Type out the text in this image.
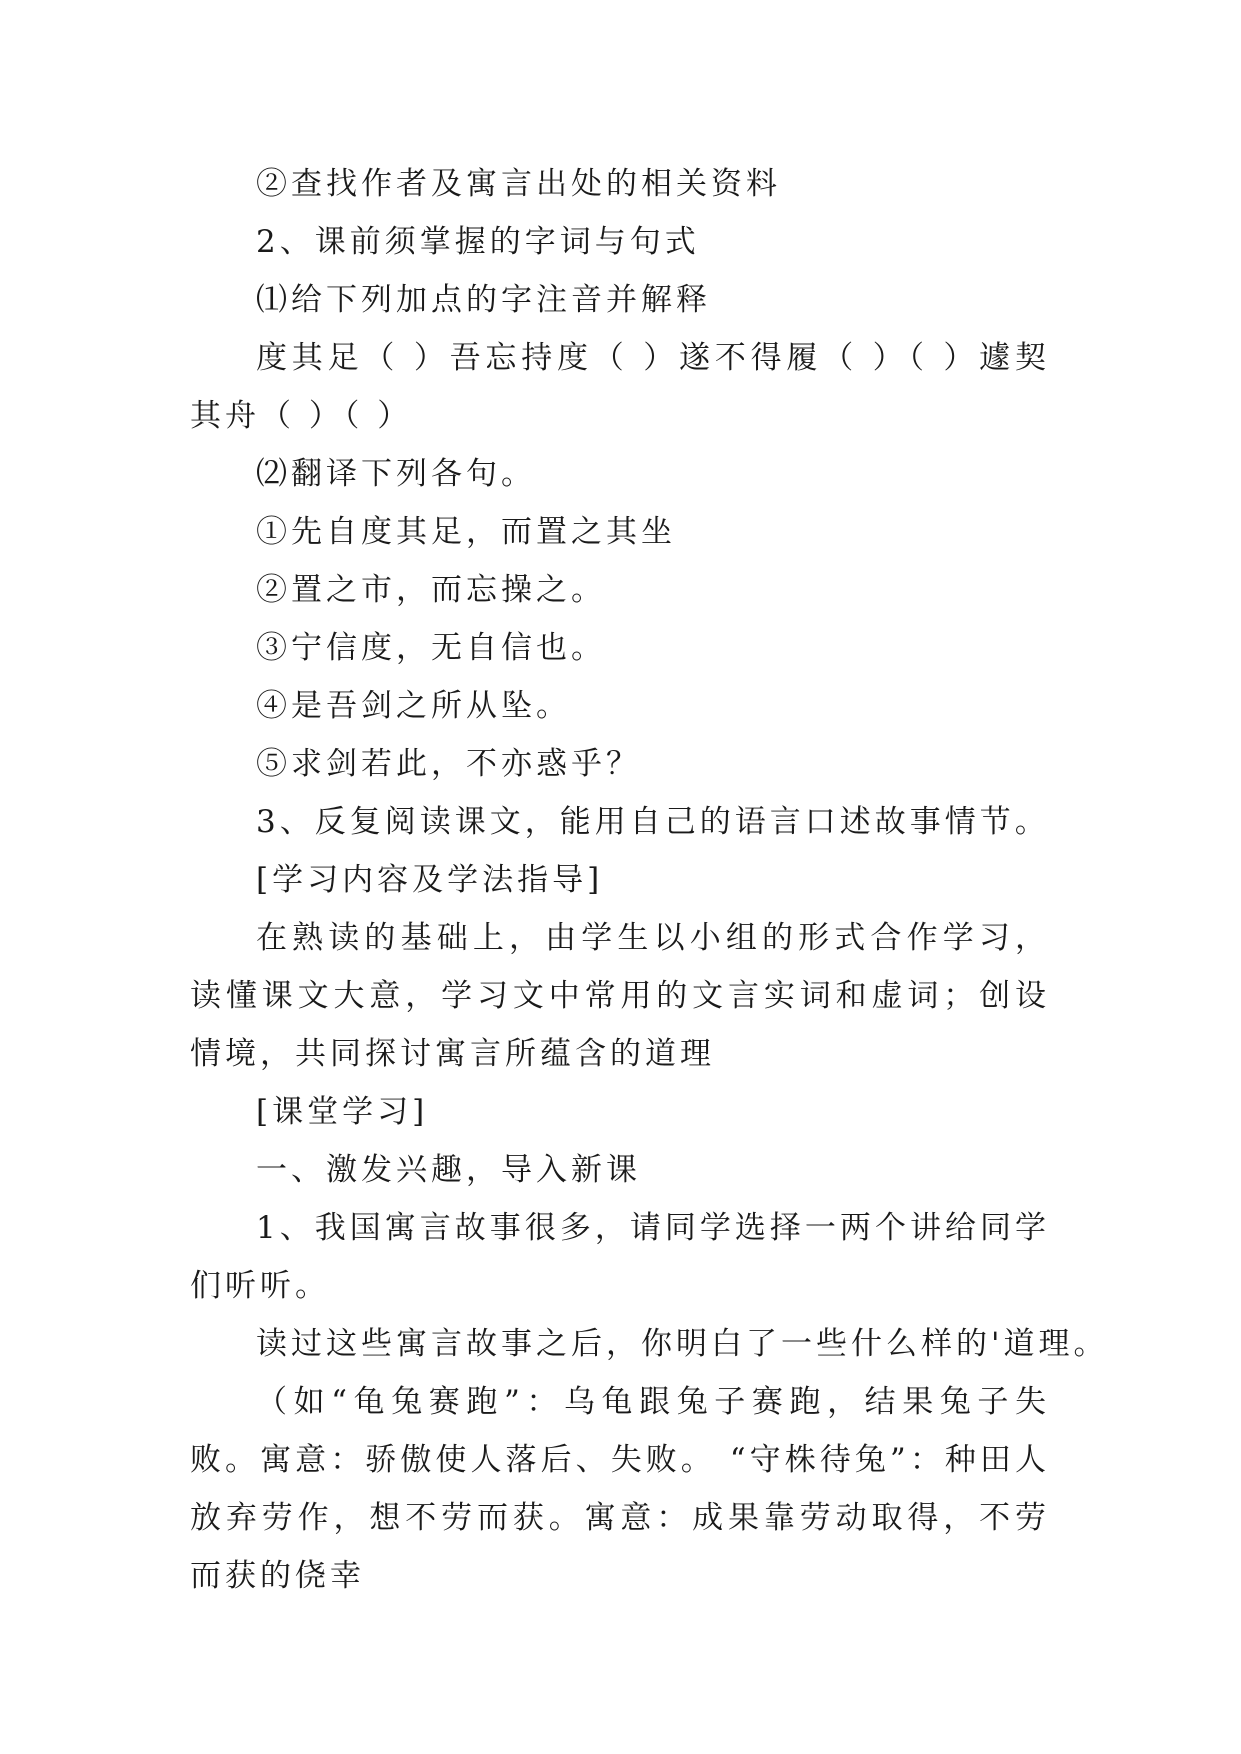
②查找作者及寓言出处的相关资料

2、课前须掌握的字词与句式

⑴给下列加点的字注音并解释

度其足（ ）吾忘持度（ ）遂不得履（ ）（ ）遽契其舟（ ）（ ）

⑵翻译下列各句。

①先自度其足，而置之其坐

②置之市，而忘操之。

③宁信度，无自信也。

④是吾剑之所从坠。

⑤求剑若此，不亦惑乎？

3、反复阅读课文，能用自己的语言口述故事情节。

[学习内容及学法指导]

在熟读的基础上，由学生以小组的形式合作学习，读懂课文大意，学习文中常用的文言实词和虚词；创设情境，共同探讨寓言所蕴含的道理

[课堂学习]

一、激发兴趣，导入新课

1、我国寓言故事很多，请同学选择一两个讲给同学们听听。

读过这些寓言故事之后，你明白了一些什么样的'道理。

（如“龟兔赛跑”：乌龟跟兔子赛跑，结果兔子失败。寓意：骄傲使人落后、失败。 “守株待兔”：种田人放弃劳作，想不劳而获。寓意：成果靠劳动取得，不劳而获的侥幸
